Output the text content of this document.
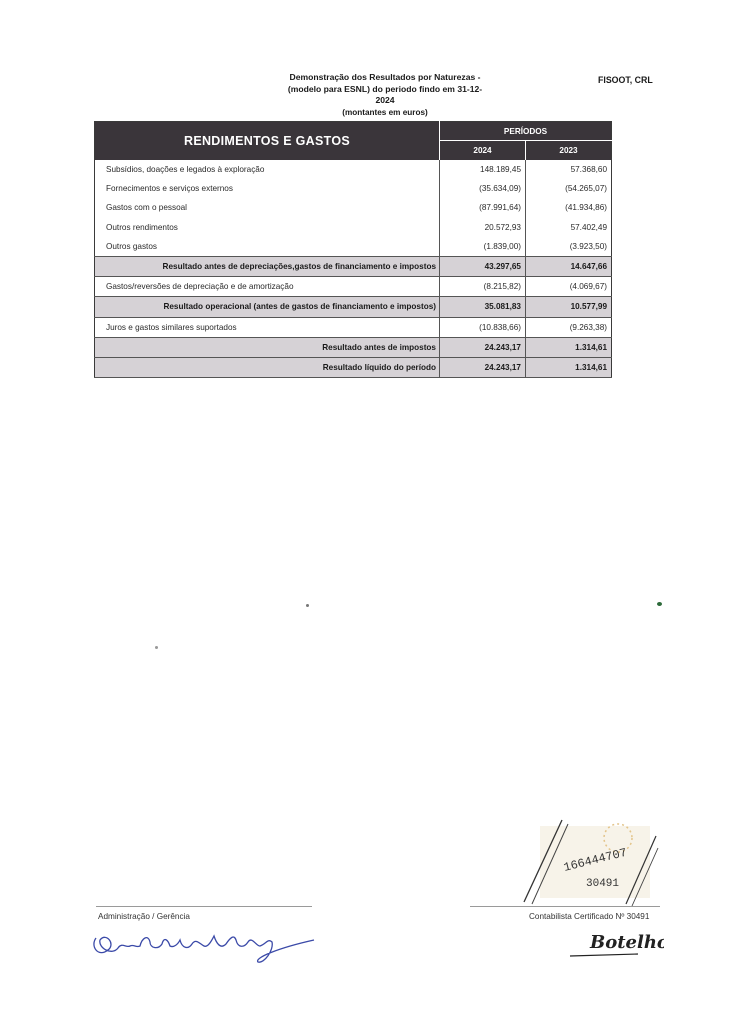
Demonstração dos Resultados por Naturezas -
(modelo para ESNL) do periodo findo em 31-12-
2024
(montantes em euros)
FISOOT, CRL
RENDIMENTOS E GASTOS	PERÍODOS	
	2024	2023
Subsídios, doações e legados à exploração	148.189,45	57.368,60
Fornecimentos e serviços externos	(35.634,09)	(54.265,07)
Gastos com o pessoal	(87.991,64)	(41.934,86)
Outros rendimentos	20.572,93	57.402,49
Outros gastos	(1.839,00)	(3.923,50)
Resultado antes de depreciações,gastos de financiamento e impostos	43.297,65	14.647,66
Gastos/reversões de depreciação e de amortização	(8.215,82)	(4.069,67)
Resultado operacional (antes de gastos de financiamento e impostos)	35.081,83	10.577,99
Juros e gastos similares suportados	(10.838,66)	(9.263,38)
Resultado antes de impostos	24.243,17	1.314,61
Resultado líquido do período	24.243,17	1.314,61
166444707
30491
Administração / Gerência	Contabilista Certificado Nº 30491
Botelho
